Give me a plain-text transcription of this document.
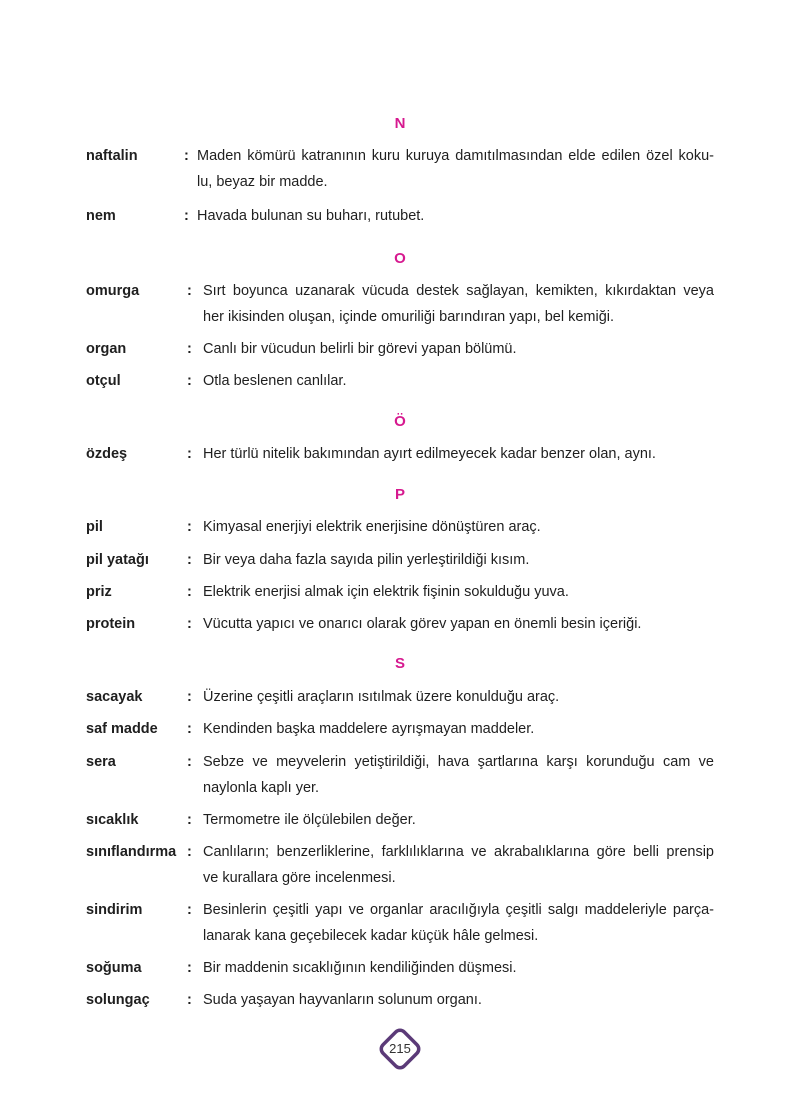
N
naftalin	: Maden kömürü katranının kuru kuruya damıtılmasından elde edilen özel koku-
lu, beyaz bir madde.
nem	: Havada bulunan su buharı, rutubet.
O
omurga	: Sırt boyunca uzanarak vücuda destek sağlayan, kemikten, kıkırdaktan veya
her ikisinden oluşan, içinde omuriliği barındıran yapı, bel kemiği.
organ	: Canlı bir vücudun belirli bir görevi yapan bölümü.
otçul	: Otla beslenen canlılar.
Ö
özdeş	: Her türlü nitelik bakımından ayırt edilmeyecek kadar benzer olan, aynı.
P
pil	: Kimyasal enerjiyi elektrik enerjisine dönüştüren araç.
pil yatağı	: Bir veya daha fazla sayıda pilin yerleştirildiği kısım.
priz	: Elektrik enerjisi almak için elektrik fişinin sokulduğu yuva.
protein	: Vücutta yapıcı ve onarıcı olarak görev yapan en önemli besin içeriği.
S
sacayak	: Üzerine çeşitli araçların ısıtılmak üzere konulduğu araç.
saf madde : Kendinden başka maddelere ayrışmayan maddeler.
sera	: Sebze ve meyvelerin yetiştirildiği, hava şartlarına karşı korunduğu cam ve
naylonla kaplı yer.
sıcaklık	: Termometre ile ölçülebilen değer.
sınıflandırma : Canlıların; benzerliklerine, farklılıklarına ve akrabalıklarına göre belli prensip
ve kurallara göre incelenmesi.
sindirim	: Besinlerin çeşitli yapı ve organlar aracılığıyla çeşitli salgı maddeleriyle parça-
lanarak kana geçebilecek kadar küçük hâle gelmesi.
soğuma	: Bir maddenin sıcaklığının kendiliğinden düşmesi.
solungaç	: Suda yaşayan hayvanların solunum organı.
215
